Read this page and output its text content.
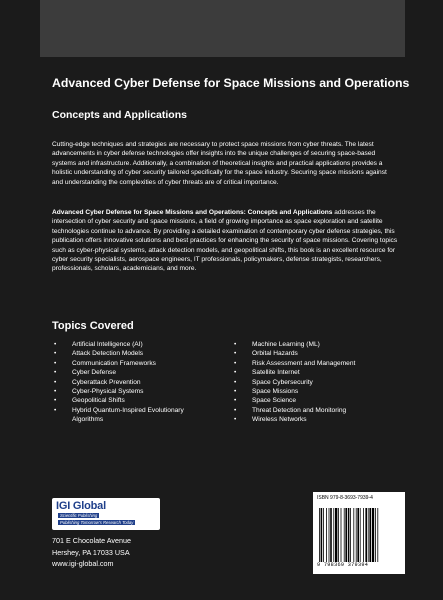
Advanced Cyber Defense for Space Missions and Operations
Concepts and Applications

Cutting-edge techniques and strategies are necessary to protect space missions from cyber threats. The latest advancements in cyber defense technologies offer insights into the unique challenges of securing space-based systems and infrastructure. Additionally, a combination of theoretical insights and practical applications provides a holistic understanding of cyber security tailored specifically for the space industry. Securing space missions against and understanding the complexities of cyber threats are of critical importance.

Advanced Cyber Defense for Space Missions and Operations: Concepts and Applications addresses the intersection of cyber security and space missions, a field of growing importance as space exploration and satellite technologies continue to advance. By providing a detailed examination of contemporary cyber defense strategies, this publication offers innovative solutions and best practices for enhancing the security of space missions. Covering topics such as cyber-physical systems, attack detection models, and geopolitical shifts, this book is an excellent resource for cyber security specialists, aerospace engineers, IT professionals, policymakers, defense strategists, researchers, professionals, scholars, academicians, and more.

Topics Covered
• Artificial Intelligence (AI)
• Attack Detection Models
• Communication Frameworks
• Cyber Defense
• Cyberattack Prevention
• Cyber-Physical Systems
• Geopolitical Shifts
• Hybrid Quantum-Inspired Evolutionary Algorithms
• Machine Learning (ML)
• Orbital Hazards
• Risk Assessment and Management
• Satellite Internet
• Space Cybersecurity
• Space Missions
• Space Science
• Threat Detection and Monitoring
• Wireless Networks
IGI Global
Scientific Publishing
Publishing Tomorrow's Research Today
701 E Chocolate Avenue
Hershey, PA 17033 USA
www.igi-global.com
ISBN 979-8-3693-7939-4
9 798369 379394
